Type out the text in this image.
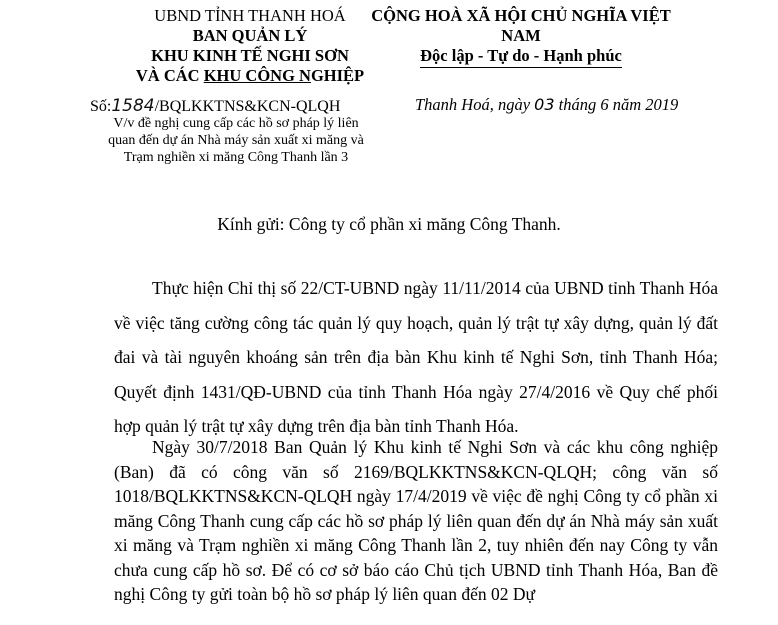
UBND TỈNH THANH HOÁ
BAN QUẢN LÝ
KHU KINH TẾ NGHI SƠN
VÀ CÁC KHU CÔNG NGHIỆP
CỘNG HOÀ XÃ HỘI CHỦ NGHĨA VIỆT NAM
Độc lập - Tự do - Hạnh phúc
Số:1584/BQLKKTNS&KCN-QLQH
V/v đề nghị cung cấp các hồ sơ pháp lý liên quan đến dự án Nhà máy sản xuất xi măng và Trạm nghiền xi măng Công Thanh lần 3
Thanh Hoá, ngày 03 tháng 6 năm 2019
Kính gửi: Công ty cổ phần xi măng Công Thanh.

Thực hiện Chỉ thị số 22/CT-UBND ngày 11/11/2014 của UBND tỉnh Thanh Hóa về việc tăng cường công tác quản lý quy hoạch, quản lý trật tự xây dựng, quản lý đất đai và tài nguyên khoáng sản trên địa bàn Khu kinh tế Nghi Sơn, tỉnh Thanh Hóa; Quyết định 1431/QĐ-UBND của tỉnh Thanh Hóa ngày 27/4/2016 về Quy chế phối hợp quản lý trật tự xây dựng trên địa bàn tỉnh Thanh Hóa.

Ngày 30/7/2018 Ban Quản lý Khu kinh tế Nghi Sơn và các khu công nghiệp (Ban) đã có công văn số 2169/BQLKKTNS&KCN-QLQH; công văn số 1018/BQLKKTNS&KCN-QLQH ngày 17/4/2019 về việc đề nghị Công ty cổ phần xi măng Công Thanh cung cấp các hồ sơ pháp lý liên quan đến dự án Nhà máy sản xuất xi măng và Trạm nghiền xi măng Công Thanh lần 2, tuy nhiên đến nay Công ty vẫn chưa cung cấp hồ sơ. Để có cơ sở báo cáo Chủ tịch UBND tỉnh Thanh Hóa, Ban đề nghị Công ty gửi toàn bộ hồ sơ pháp lý liên quan đến 02 Dự
